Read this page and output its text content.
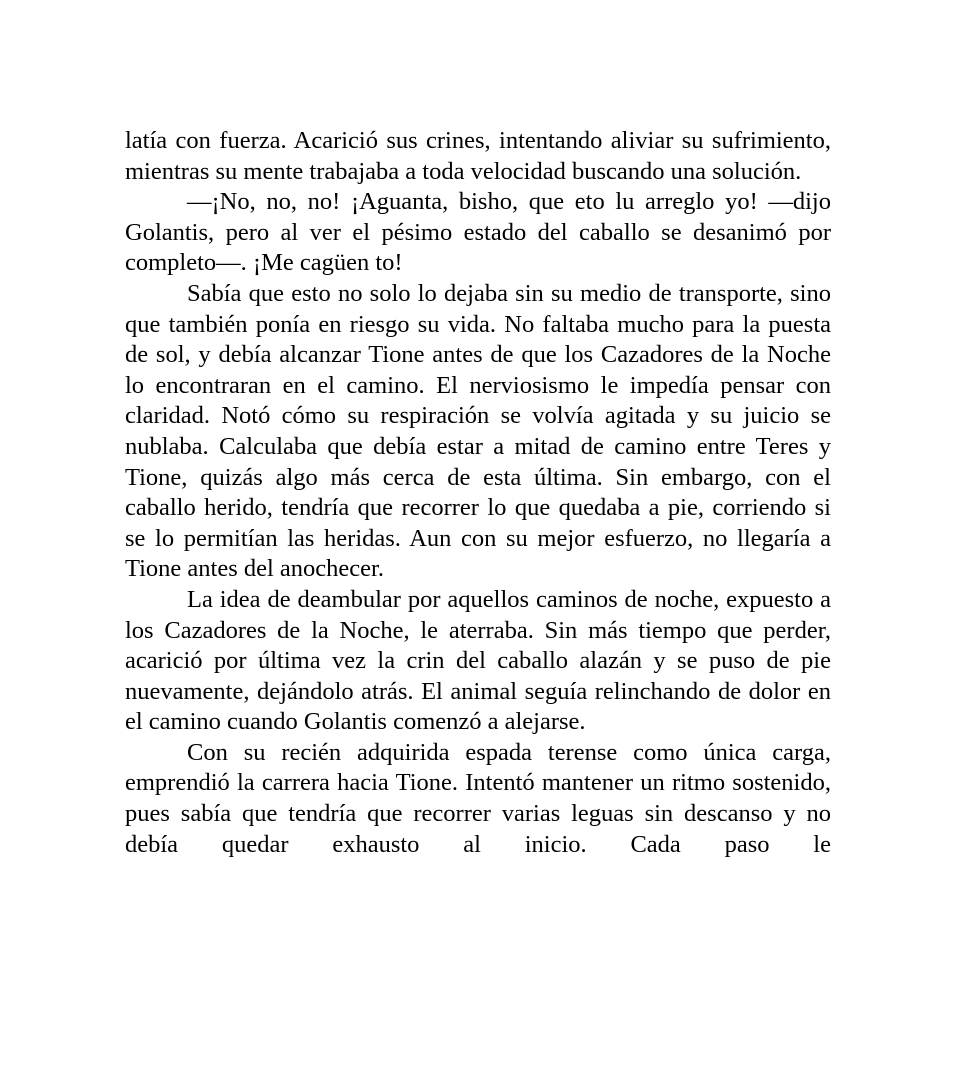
latía con fuerza. Acarició sus crines, intentando aliviar su sufrimiento, mientras su mente trabajaba a toda velocidad buscando una solución.

—¡No, no, no! ¡Aguanta, bisho, que eto lu arreglo yo! —dijo Golantis, pero al ver el pésimo estado del caballo se desanimó por completo—. ¡Me cagüen to!

Sabía que esto no solo lo dejaba sin su medio de transporte, sino que también ponía en riesgo su vida. No faltaba mucho para la puesta de sol, y debía alcanzar Tione antes de que los Cazadores de la Noche lo encontraran en el camino. El nerviosismo le impedía pensar con claridad. Notó cómo su respiración se volvía agitada y su juicio se nublaba. Calculaba que debía estar a mitad de camino entre Teres y Tione, quizás algo más cerca de esta última. Sin embargo, con el caballo herido, tendría que recorrer lo que quedaba a pie, corriendo si se lo permitían las heridas. Aun con su mejor esfuerzo, no llegaría a Tione antes del anochecer.

La idea de deambular por aquellos caminos de noche, expuesto a los Cazadores de la Noche, le aterraba. Sin más tiempo que perder, acarició por última vez la crin del caballo alazán y se puso de pie nuevamente, dejándolo atrás. El animal seguía relinchando de dolor en el camino cuando Golantis comenzó a alejarse.

Con su recién adquirida espada terense como única carga, emprendió la carrera hacia Tione. Intentó mantener un ritmo sostenido, pues sabía que tendría que recorrer varias leguas sin descanso y no debía quedar exhausto al inicio. Cada paso le
